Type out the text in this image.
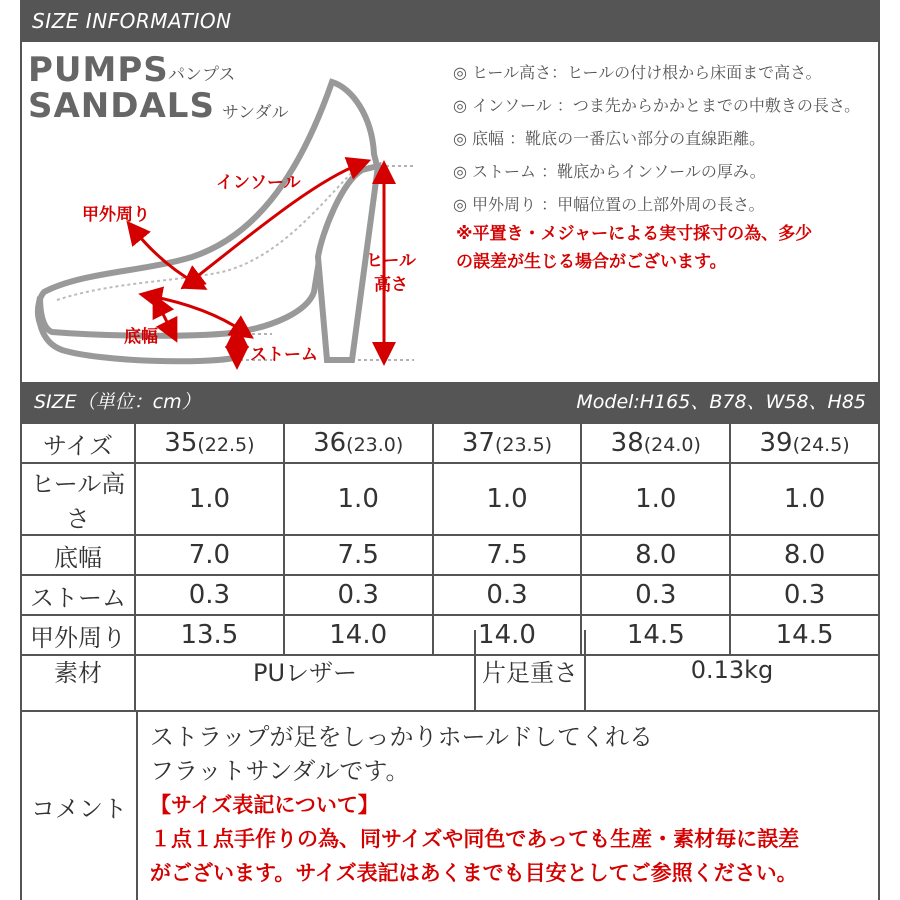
SIZE INFORMATION
PUMPS パンプス
SANDALS サンダル
インソール
甲外周り
ヒール
高さ
底幅
ストーム
◎ ヒール高さ：ヒールの付け根から床面まで高さ。
◎ インソール ：つま先からかかとまでの中敷きの長さ。
◎ 底幅 ：靴底の一番広い部分の直線距離。
◎ ストーム ：靴底からインソールの厚み。
◎ 甲外周り ：甲幅位置の上部外周の長さ。
※平置き・メジャーによる実寸採寸の為、多少
の誤差が生じる場合がございます。
SIZE（単位：cm）	Model:H165、B78、W58、H85
サイズ	35(22.5)	36(23.0)	37(23.5)	38(24.0)	39(24.5)
ヒール高さ	1.0	1.0	1.0	1.0	1.0
底幅	7.0	7.5	7.5	8.0	8.0
ストーム	0.3	0.3	0.3	0.3	0.3
甲外周り	13.5	14.0	14.0	14.5	14.5
素材	PUレザー	片足重さ	0.13kg
コメント
ストラップが足をしっかりホールドしてくれる
フラットサンダルです。
【サイズ表記について】
１点１点手作りの為、同サイズや同色であっても生産・素材毎に誤差
がございます。サイズ表記はあくまでも目安としてご参照ください。
